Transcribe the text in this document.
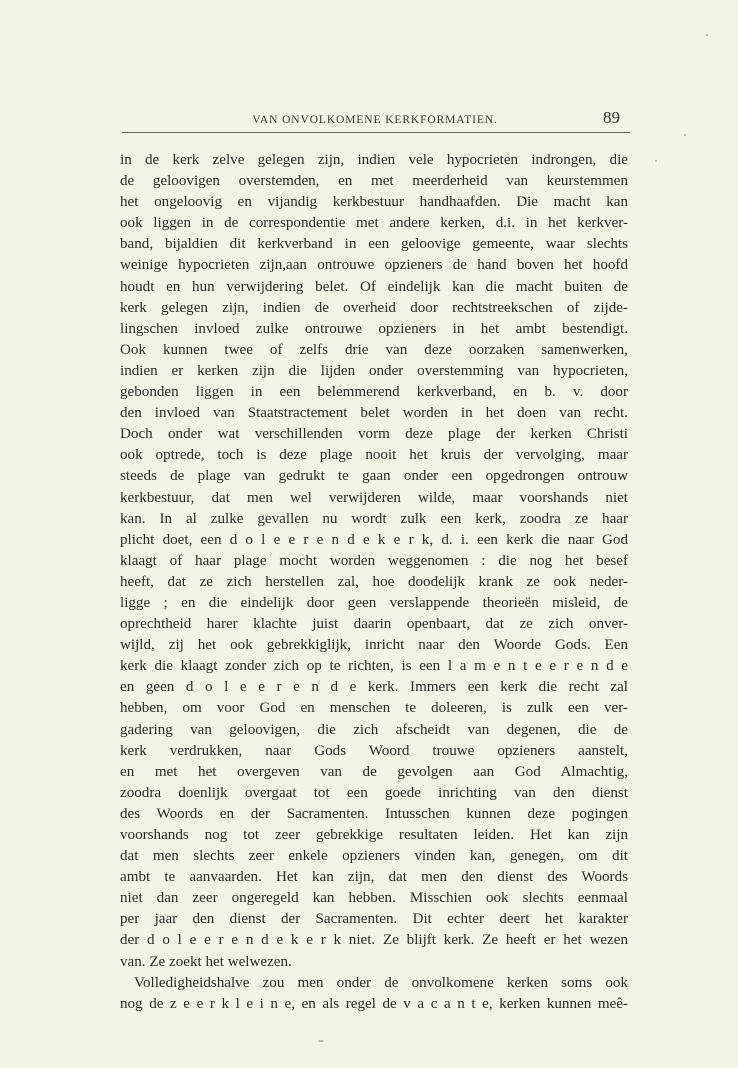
VAN ONVOLKOMENE KERKFORMATIEN.	89
in de kerk zelve gelegen zijn, indien vele hypocrieten indrongen, die
de geloovigen overstemden, en met meerderheid van keurstemmen
het ongeloovig en vijandig kerkbestuur handhaafden. Die macht kan
ook liggen in de correspondentie met andere kerken, d.i. in het kerkver-
band, bijaldien dit kerkverband in een geloovige gemeente, waar slechts
weinige hypocrieten zijn,aan ontrouwe opzieners de hand boven het hoofd
houdt en hun verwijdering belet. Of eindelijk kan die macht buiten de
kerk gelegen zijn, indien de overheid door rechtstreekschen of zijde-
lingschen invloed zulke ontrouwe opzieners in het ambt bestendigt.
Ook kunnen twee of zelfs drie van deze oorzaken samenwerken,
indien er kerken zijn die lijden onder overstemming van hypocrieten,
gebonden liggen in een belemmerend kerkverband, en b. v. door
den invloed van Staatstractement belet worden in het doen van recht.
Doch onder wat verschillenden vorm deze plage der kerken Christi
ook optrede, toch is deze plage nooit het kruis der vervolging, maar
steeds de plage van gedrukt te gaan onder een opgedrongen ontrouw
kerkbestuur, dat men wel verwijderen wilde, maar voorshands niet
kan. In al zulke gevallen nu wordt zulk een kerk, zoodra ze haar
plicht doet, een d o l e e r e n d e k e r k, d. i. een kerk die naar God
klaagt of haar plage mocht worden weggenomen : die nog het besef
heeft, dat ze zich herstellen zal, hoe doodelijk krank ze ook neder-
ligge ; en die eindelijk door geen verslappende theorieën misleid, de
oprechtheid harer klachte juist daarin openbaart, dat ze zich onver-
wijld, zij het ook gebrekkiglijk, inricht naar den Woorde Gods. Een
kerk die klaagt zonder zich op te richten, is een l a m e n t e e r e n d e
en geen d o l e e r e n d e kerk. Immers een kerk die recht zal
hebben, om voor God en menschen te doleeren, is zulk een ver-
gadering van geloovigen, die zich afscheidt van degenen, die de
kerk verdrukken, naar Gods Woord trouwe opzieners aanstelt,
en met het overgeven van de gevolgen aan God Almachtig,
zoodra doenlijk overgaat tot een goede inrichting van den dienst
des Woords en der Sacramenten. Intusschen kunnen deze pogingen
voorshands nog tot zeer gebrekkige resultaten leiden. Het kan zijn
dat men slechts zeer enkele opzieners vinden kan, genegen, om dit
ambt te aanvaarden. Het kan zijn, dat men den dienst des Woords
niet dan zeer ongeregeld kan hebben. Misschien ook slechts eenmaal
per jaar den dienst der Sacramenten. Dit echter deert het karakter
der d o l e e r e n d e k e r k niet. Ze blijft kerk. Ze heeft er het wezen
van. Ze zoekt het welwezen.
Volledigheidshalve zou men onder de onvolkomene kerken soms ook
nog de z e e r k l e i n e, en als regel de v a c a n t e, kerken kunnen meê-
